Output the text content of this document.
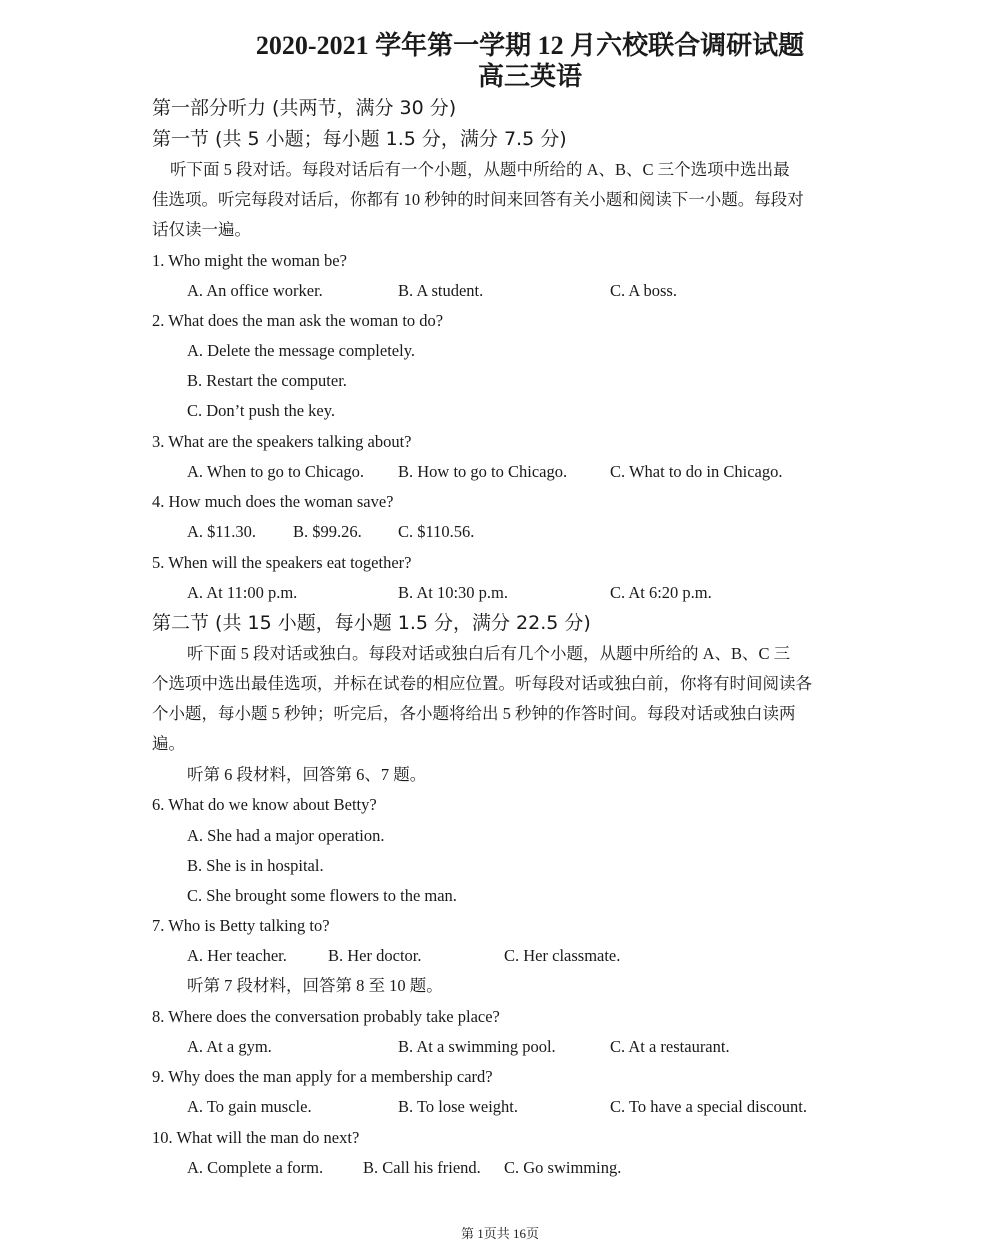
2020-2021 学年第一学期 12 月六校联合调研试题
高三英语
第一部分听力 (共两节，满分 30 分)
第一节 (共 5 小题；每小题 1.5 分，满分 7.5 分)
听下面 5 段对话。每段对话后有一个小题，从题中所给的 A、B、C 三个选项中选出最
佳选项。听完每段对话后，你都有 10 秒钟的时间来回答有关小题和阅读下一小题。每段对
话仅读一遍。
1. Who might the woman be?
A. An office worker.	B. A student.	C. A boss.
2. What does the man ask the woman to do?
A. Delete the message completely.
B. Restart the computer.
C. Don’t push the key.
3. What are the speakers talking about?
A. When to go to Chicago. B. How to go to Chicago.	C. What to do in Chicago.
4. How much does the woman save?
A. $11.30. B. $99.26. C. $110.56.
5. When will the speakers eat together?
A. At 11:00 p.m.	B. At 10:30 p.m.	C. At 6:20 p.m.
第二节 (共 15 小题，每小题 1.5 分，满分 22.5 分)
听下面 5 段对话或独白。每段对话或独白后有几个小题，从题中所给的 A、B、C 三
个选项中选出最佳选项，并标在试卷的相应位置。听每段对话或独白前，你将有时间阅读各
个小题，每小题 5 秒钟；听完后，各小题将给出 5 秒钟的作答时间。每段对话或独白读两
遍。
听第 6 段材料，回答第 6、7 题。
6. What do we know about Betty?
A. She had a major operation.
B. She is in hospital.
C. She brought some flowers to the man.
7. Who is Betty talking to?
A. Her teacher. B. Her doctor.	C. Her classmate.
听第 7 段材料，回答第 8 至 10 题。
8. Where does the conversation probably take place?
A. At a gym.	B. At a swimming pool.	C. At a restaurant.
9. Why does the man apply for a membership card?
A. To gain muscle.	B. To lose weight.	C. To have a special discount.
10. What will the man do next?
A. Complete a form. B. Call his friend. C. Go swimming.
第 1页共 16页
